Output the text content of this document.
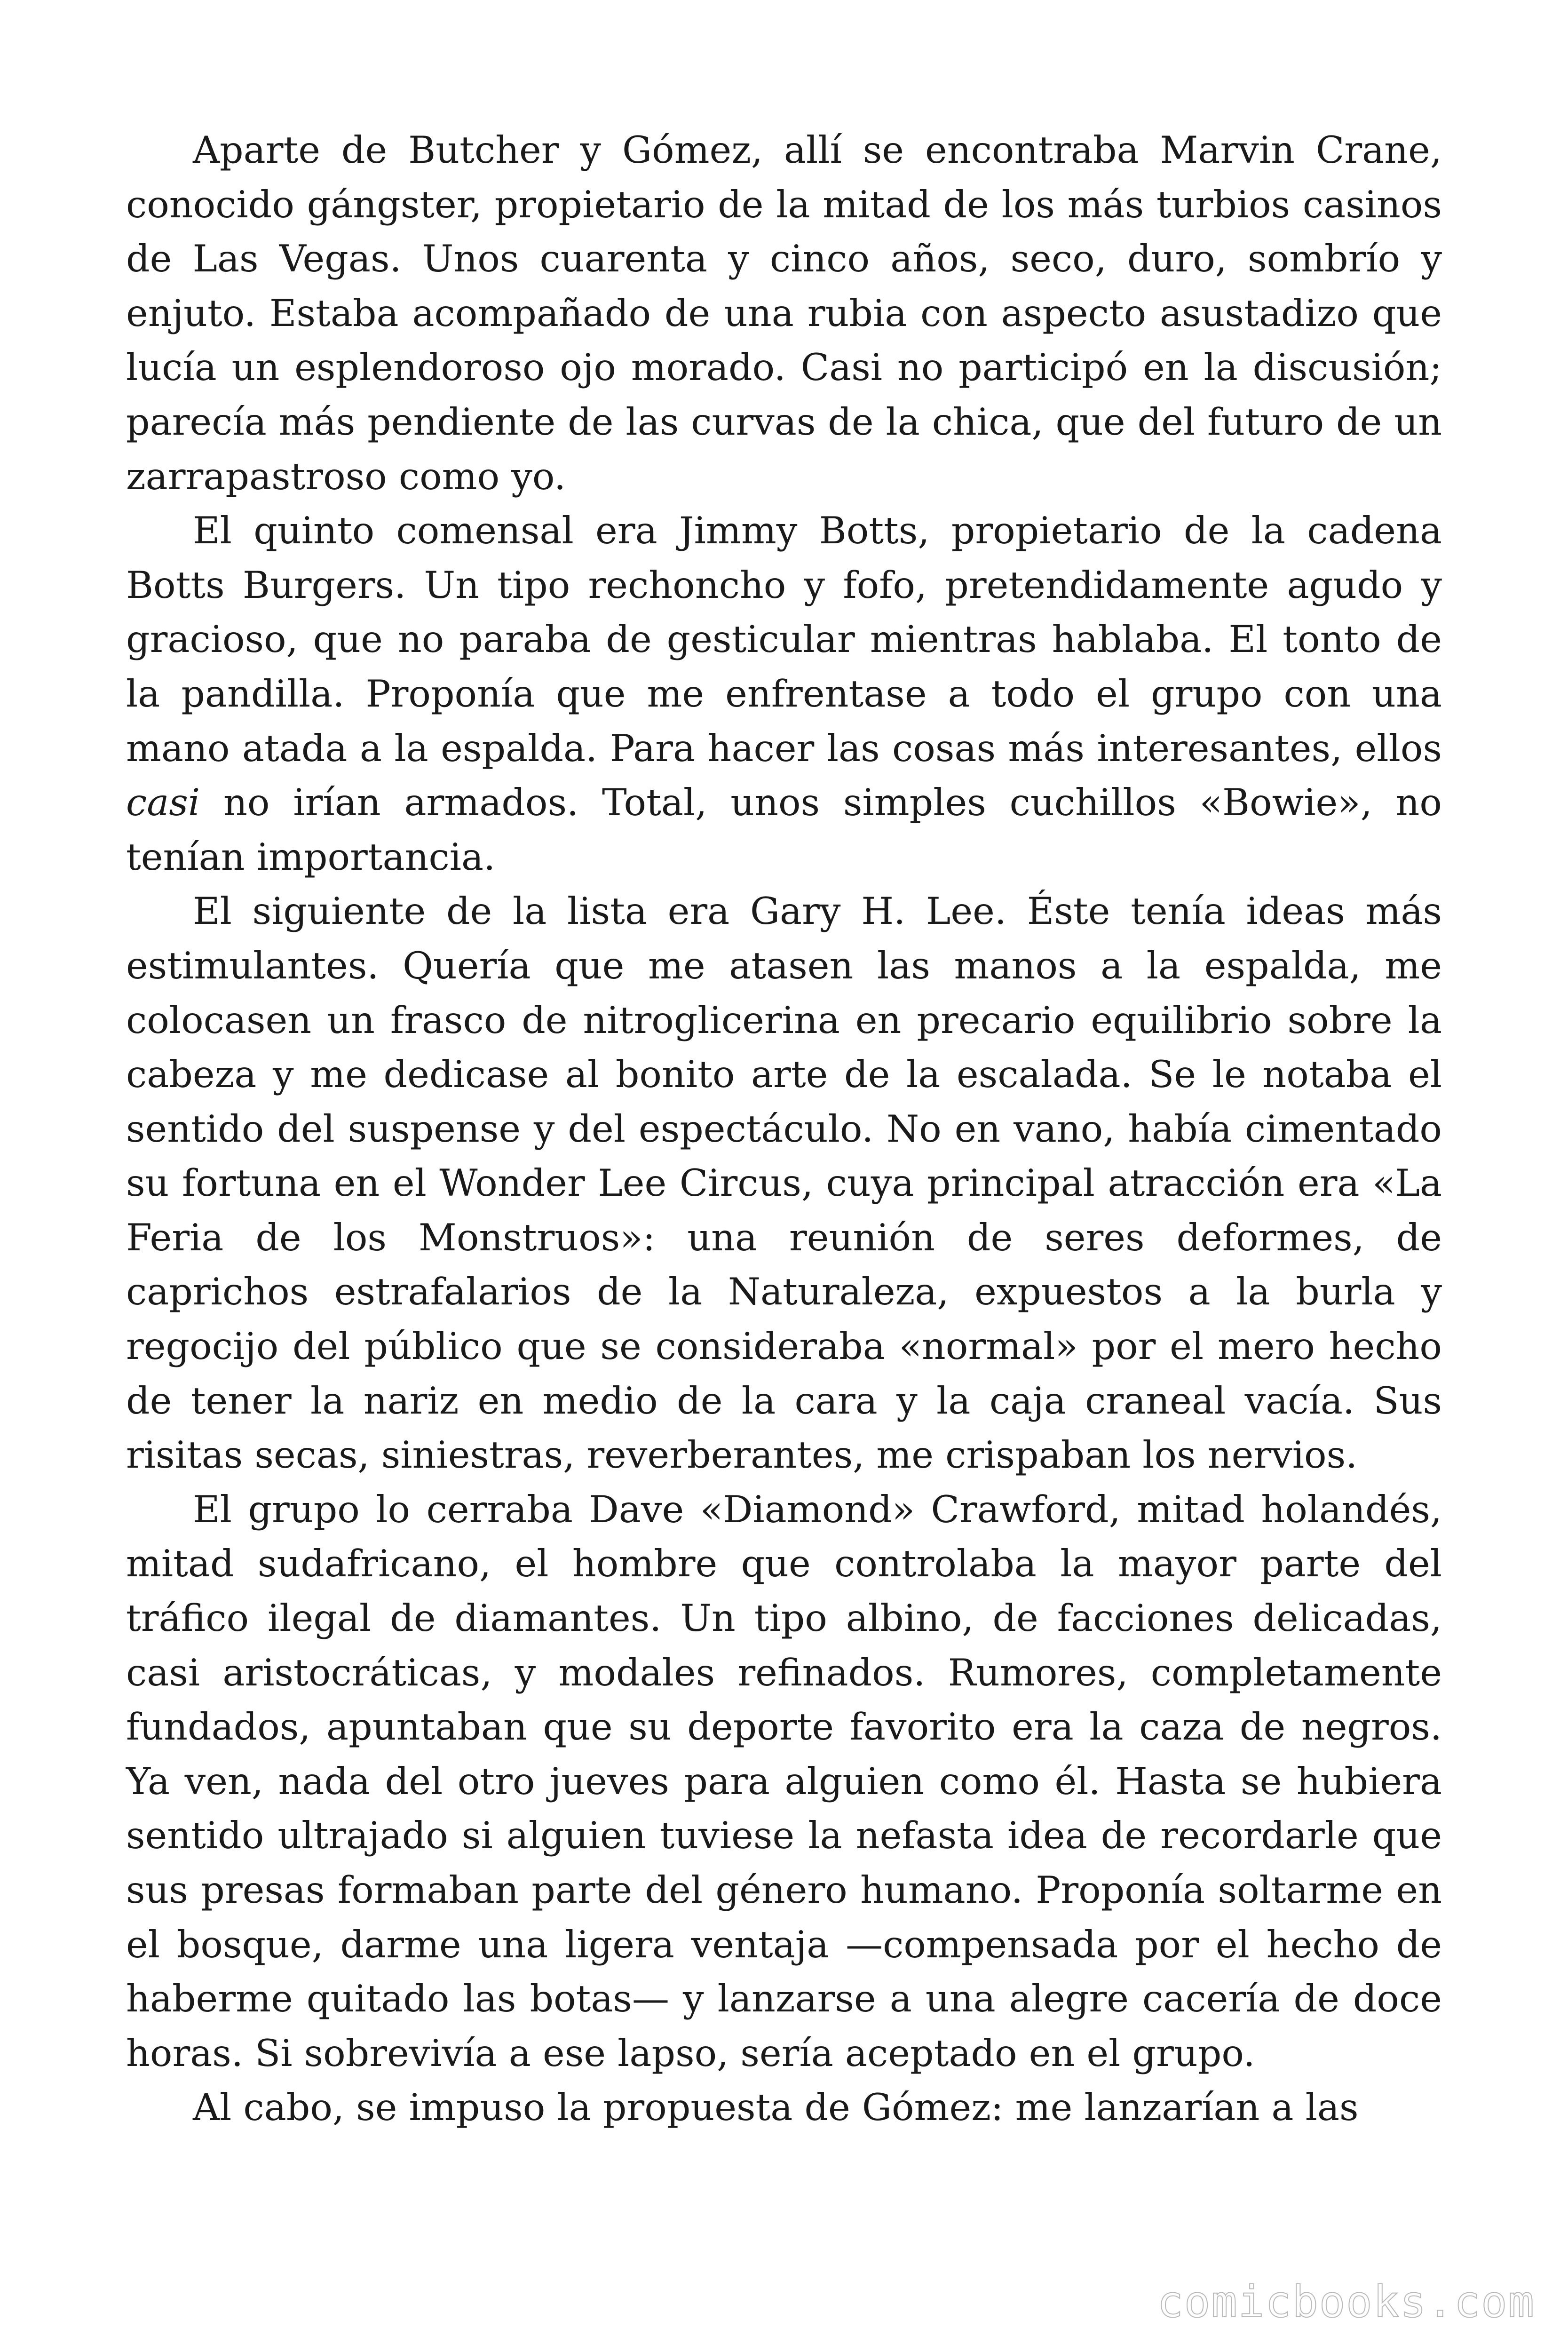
Aparte de Butcher y Gómez, allí se encontraba Marvin Crane, conocido gángster, propietario de la mitad de los más turbios casinos de Las Vegas. Unos cuarenta y cinco años, seco, duro, sombrío y enjuto. Estaba acompañado de una rubia con aspecto asustadizo que lucía un esplendoroso ojo morado. Casi no participó en la discusión; parecía más pendiente de las curvas de la chica, que del futuro de un zarrapastroso como yo.

El quinto comensal era Jimmy Botts, propietario de la cadena Botts Burgers. Un tipo rechoncho y fofo, pretendidamente agudo y gracioso, que no paraba de gesticular mientras hablaba. El tonto de la pandilla. Proponía que me enfrentase a todo el grupo con una mano atada a la espalda. Para hacer las cosas más interesantes, ellos casi no irían armados. Total, unos simples cuchillos «Bowie», no tenían importancia.

El siguiente de la lista era Gary H. Lee. Éste tenía ideas más estimulantes. Quería que me atasen las manos a la espalda, me colocasen un frasco de nitroglicerina en precario equilibrio sobre la cabeza y me dedicase al bonito arte de la escalada. Se le notaba el sentido del suspense y del espectáculo. No en vano, había cimentado su fortuna en el Wonder Lee Circus, cuya principal atracción era «La Feria de los Monstruos»: una reunión de seres deformes, de caprichos estrafalarios de la Naturaleza, expuestos a la burla y regocijo del público que se consideraba «normal» por el mero hecho de tener la nariz en medio de la cara y la caja craneal vacía. Sus risitas secas, siniestras, reverberantes, me crispaban los nervios.

El grupo lo cerraba Dave «Diamond» Crawford, mitad holandés, mitad sudafricano, el hombre que controlaba la mayor parte del tráfico ilegal de diamantes. Un tipo albino, de facciones delicadas, casi aristocráticas, y modales refinados. Rumores, completamente fundados, apuntaban que su deporte favorito era la caza de negros. Ya ven, nada del otro jueves para alguien como él. Hasta se hubiera sentido ultrajado si alguien tuviese la nefasta idea de recordarle que sus presas formaban parte del género humano. Proponía soltarme en el bosque, darme una ligera ventaja —compensada por el hecho de haberme quitado las botas— y lanzarse a una alegre cacería de doce horas. Si sobrevivía a ese lapso, sería aceptado en el grupo.

Al cabo, se impuso la propuesta de Gómez: me lanzarían a las

comicbooks.com
